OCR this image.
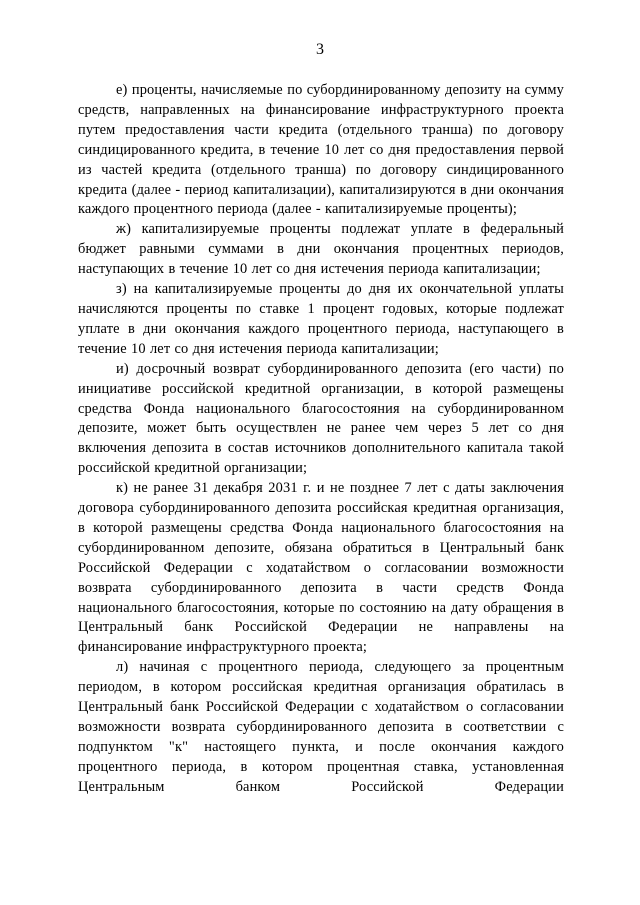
3

е) проценты, начисляемые по субординированному депозиту на сумму средств, направленных на финансирование инфраструктурного проекта путем предоставления части кредита (отдельного транша) по договору синдицированного кредита, в течение 10 лет со дня предоставления первой из частей кредита (отдельного транша) по договору синдицированного кредита (далее - период капитализации), капитализируются в дни окончания каждого процентного периода (далее - капитализируемые проценты);

ж) капитализируемые проценты подлежат уплате в федеральный бюджет равными суммами в дни окончания процентных периодов, наступающих в течение 10 лет со дня истечения периода капитализации;

з) на капитализируемые проценты до дня их окончательной уплаты начисляются проценты по ставке 1 процент годовых, которые подлежат уплате в дни окончания каждого процентного периода, наступающего в течение 10 лет со дня истечения периода капитализации;

и) досрочный возврат субординированного депозита (его части) по инициативе российской кредитной организации, в которой размещены средства Фонда национального благосостояния на субординированном депозите, может быть осуществлен не ранее чем через 5 лет со дня включения депозита в состав источников дополнительного капитала такой российской кредитной организации;

к) не ранее 31 декабря 2031 г. и не позднее 7 лет с даты заключения договора субординированного депозита российская кредитная организация, в которой размещены средства Фонда национального благосостояния на субординированном депозите, обязана обратиться в Центральный банк Российской Федерации с ходатайством о согласовании возможности возврата субординированного депозита в части средств Фонда национального благосостояния, которые по состоянию на дату обращения в Центральный банк Российской Федерации не направлены на финансирование инфраструктурного проекта;

л) начиная с процентного периода, следующего за процентным периодом, в котором российская кредитная организация обратилась в Центральный банк Российской Федерации с ходатайством о согласовании возможности возврата субординированного депозита в соответствии с подпунктом "к" настоящего пункта, и после окончания каждого процентного периода, в котором процентная ставка, установленная Центральным банком Российской Федерации
